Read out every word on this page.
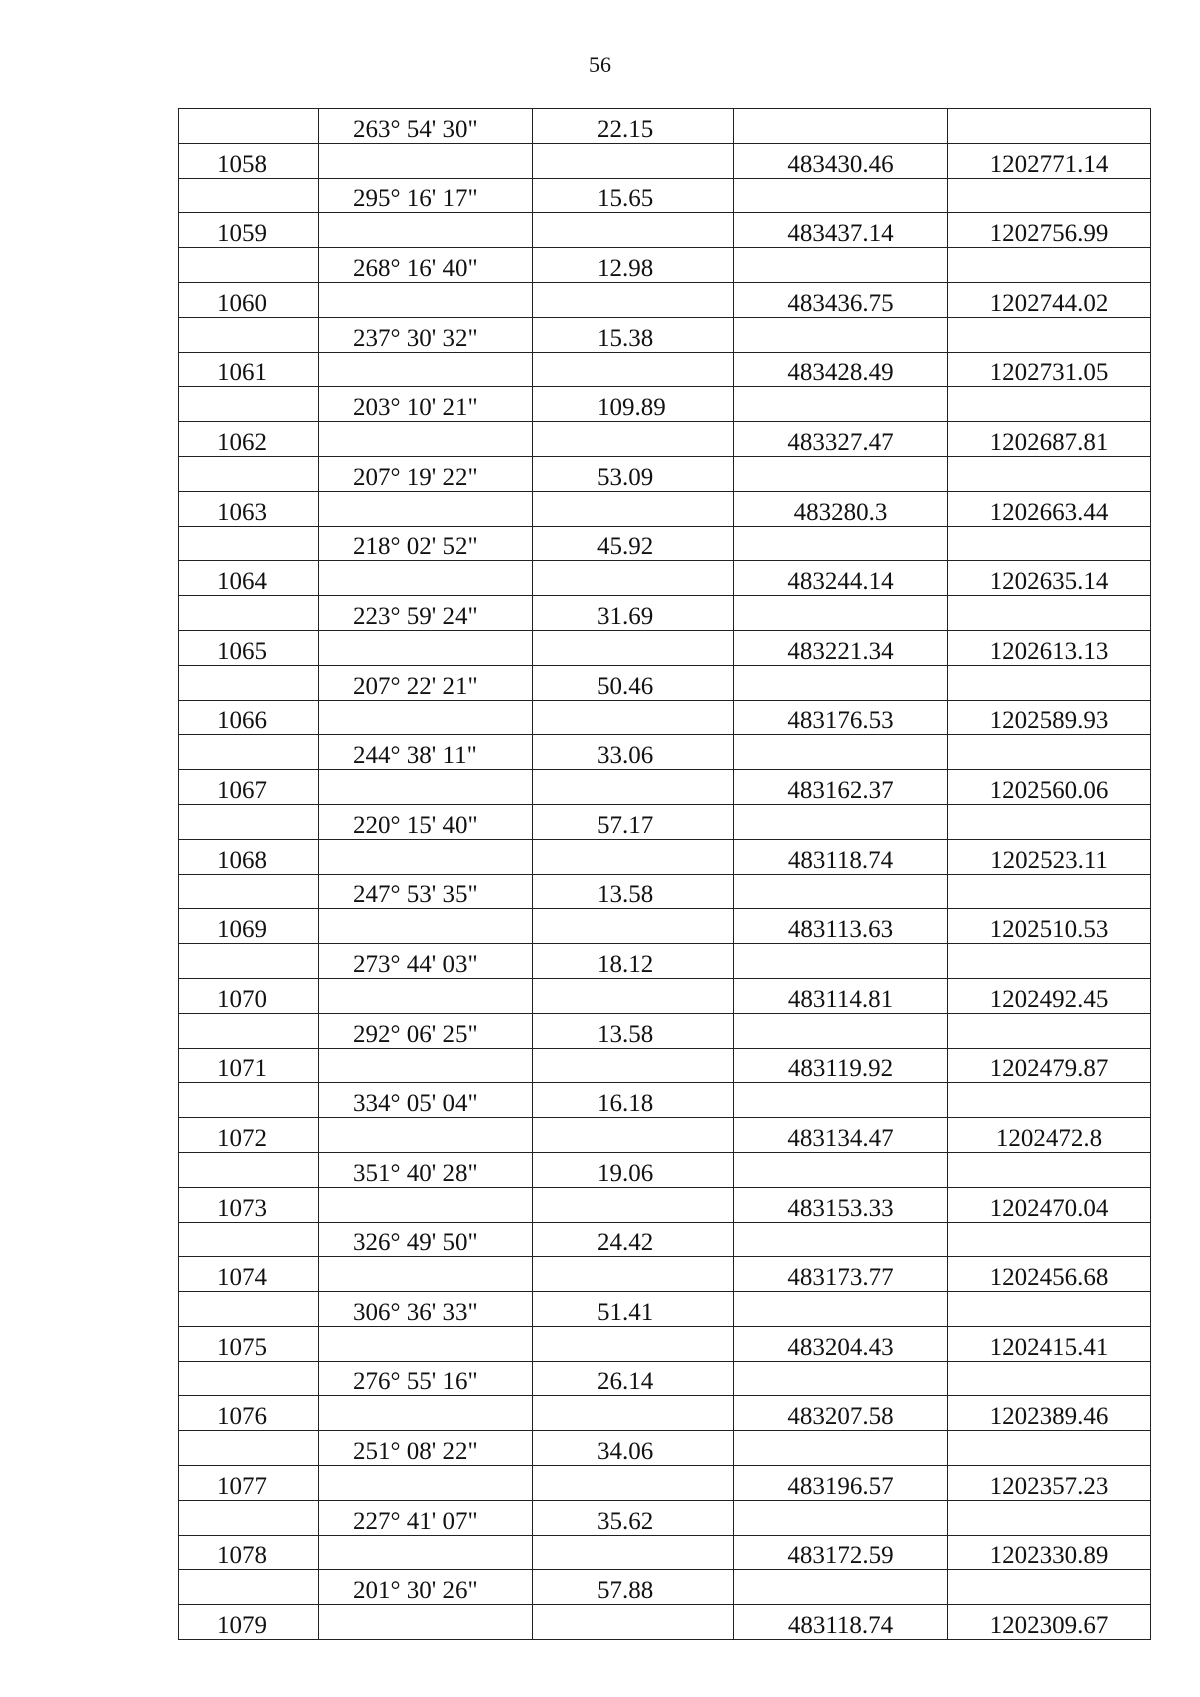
56
	263° 54' 30"	22.15		
1058			483430.46	1202771.14
	295° 16' 17"	15.65		
1059			483437.14	1202756.99
	268° 16' 40"	12.98		
1060			483436.75	1202744.02
	237° 30' 32"	15.38		
1061			483428.49	1202731.05
	203° 10' 21"	109.89		
1062			483327.47	1202687.81
	207° 19' 22"	53.09		
1063			483280.3	1202663.44
	218° 02' 52"	45.92		
1064			483244.14	1202635.14
	223° 59' 24"	31.69		
1065			483221.34	1202613.13
	207° 22' 21"	50.46		
1066			483176.53	1202589.93
	244° 38' 11"	33.06		
1067			483162.37	1202560.06
	220° 15' 40"	57.17		
1068			483118.74	1202523.11
	247° 53' 35"	13.58		
1069			483113.63	1202510.53
	273° 44' 03"	18.12		
1070			483114.81	1202492.45
	292° 06' 25"	13.58		
1071			483119.92	1202479.87
	334° 05' 04"	16.18		
1072			483134.47	1202472.8
	351° 40' 28"	19.06		
1073			483153.33	1202470.04
	326° 49' 50"	24.42		
1074			483173.77	1202456.68
	306° 36' 33"	51.41		
1075			483204.43	1202415.41
	276° 55' 16"	26.14		
1076			483207.58	1202389.46
	251° 08' 22"	34.06		
1077			483196.57	1202357.23
	227° 41' 07"	35.62		
1078			483172.59	1202330.89
	201° 30' 26"	57.88		
1079			483118.74	1202309.67
